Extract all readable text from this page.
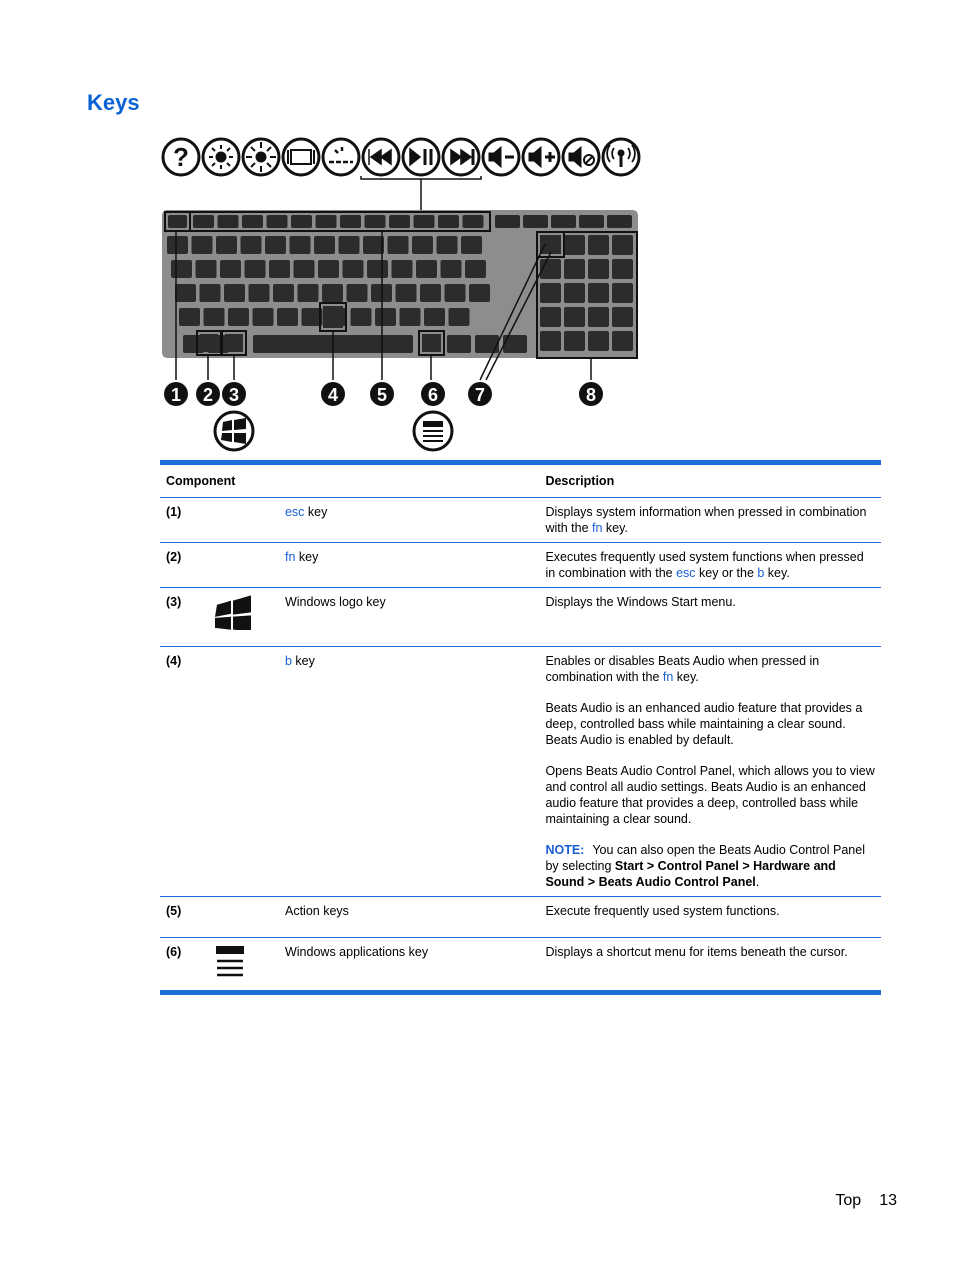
Keys
?
1 2 3	4 5 6 7	8
Component			Description
(1)		esc key	Displays system information when pressed in combination with the fn key.
(2)		fn key	Executes frequently used system functions when pressed in combination with the esc key or the b key.
(3)		Windows logo key	Displays the Windows Start menu.
(4)		b key	Enables or disables Beats Audio when pressed in combination with the fn key.

Beats Audio is an enhanced audio feature that provides a deep, controlled bass while maintaining a clear sound. Beats Audio is enabled by default.

Opens Beats Audio Control Panel, which allows you to view and control all audio settings. Beats Audio is an enhanced audio feature that provides a deep, controlled bass while maintaining a clear sound.

NOTE: You can also open the Beats Audio Control Panel by selecting Start > Control Panel > Hardware and Sound > Beats Audio Control Panel.

(5)		Action keys	Execute frequently used system functions.
(6)		Windows applications key	Displays a shortcut menu for items beneath the cursor.
Top 13
